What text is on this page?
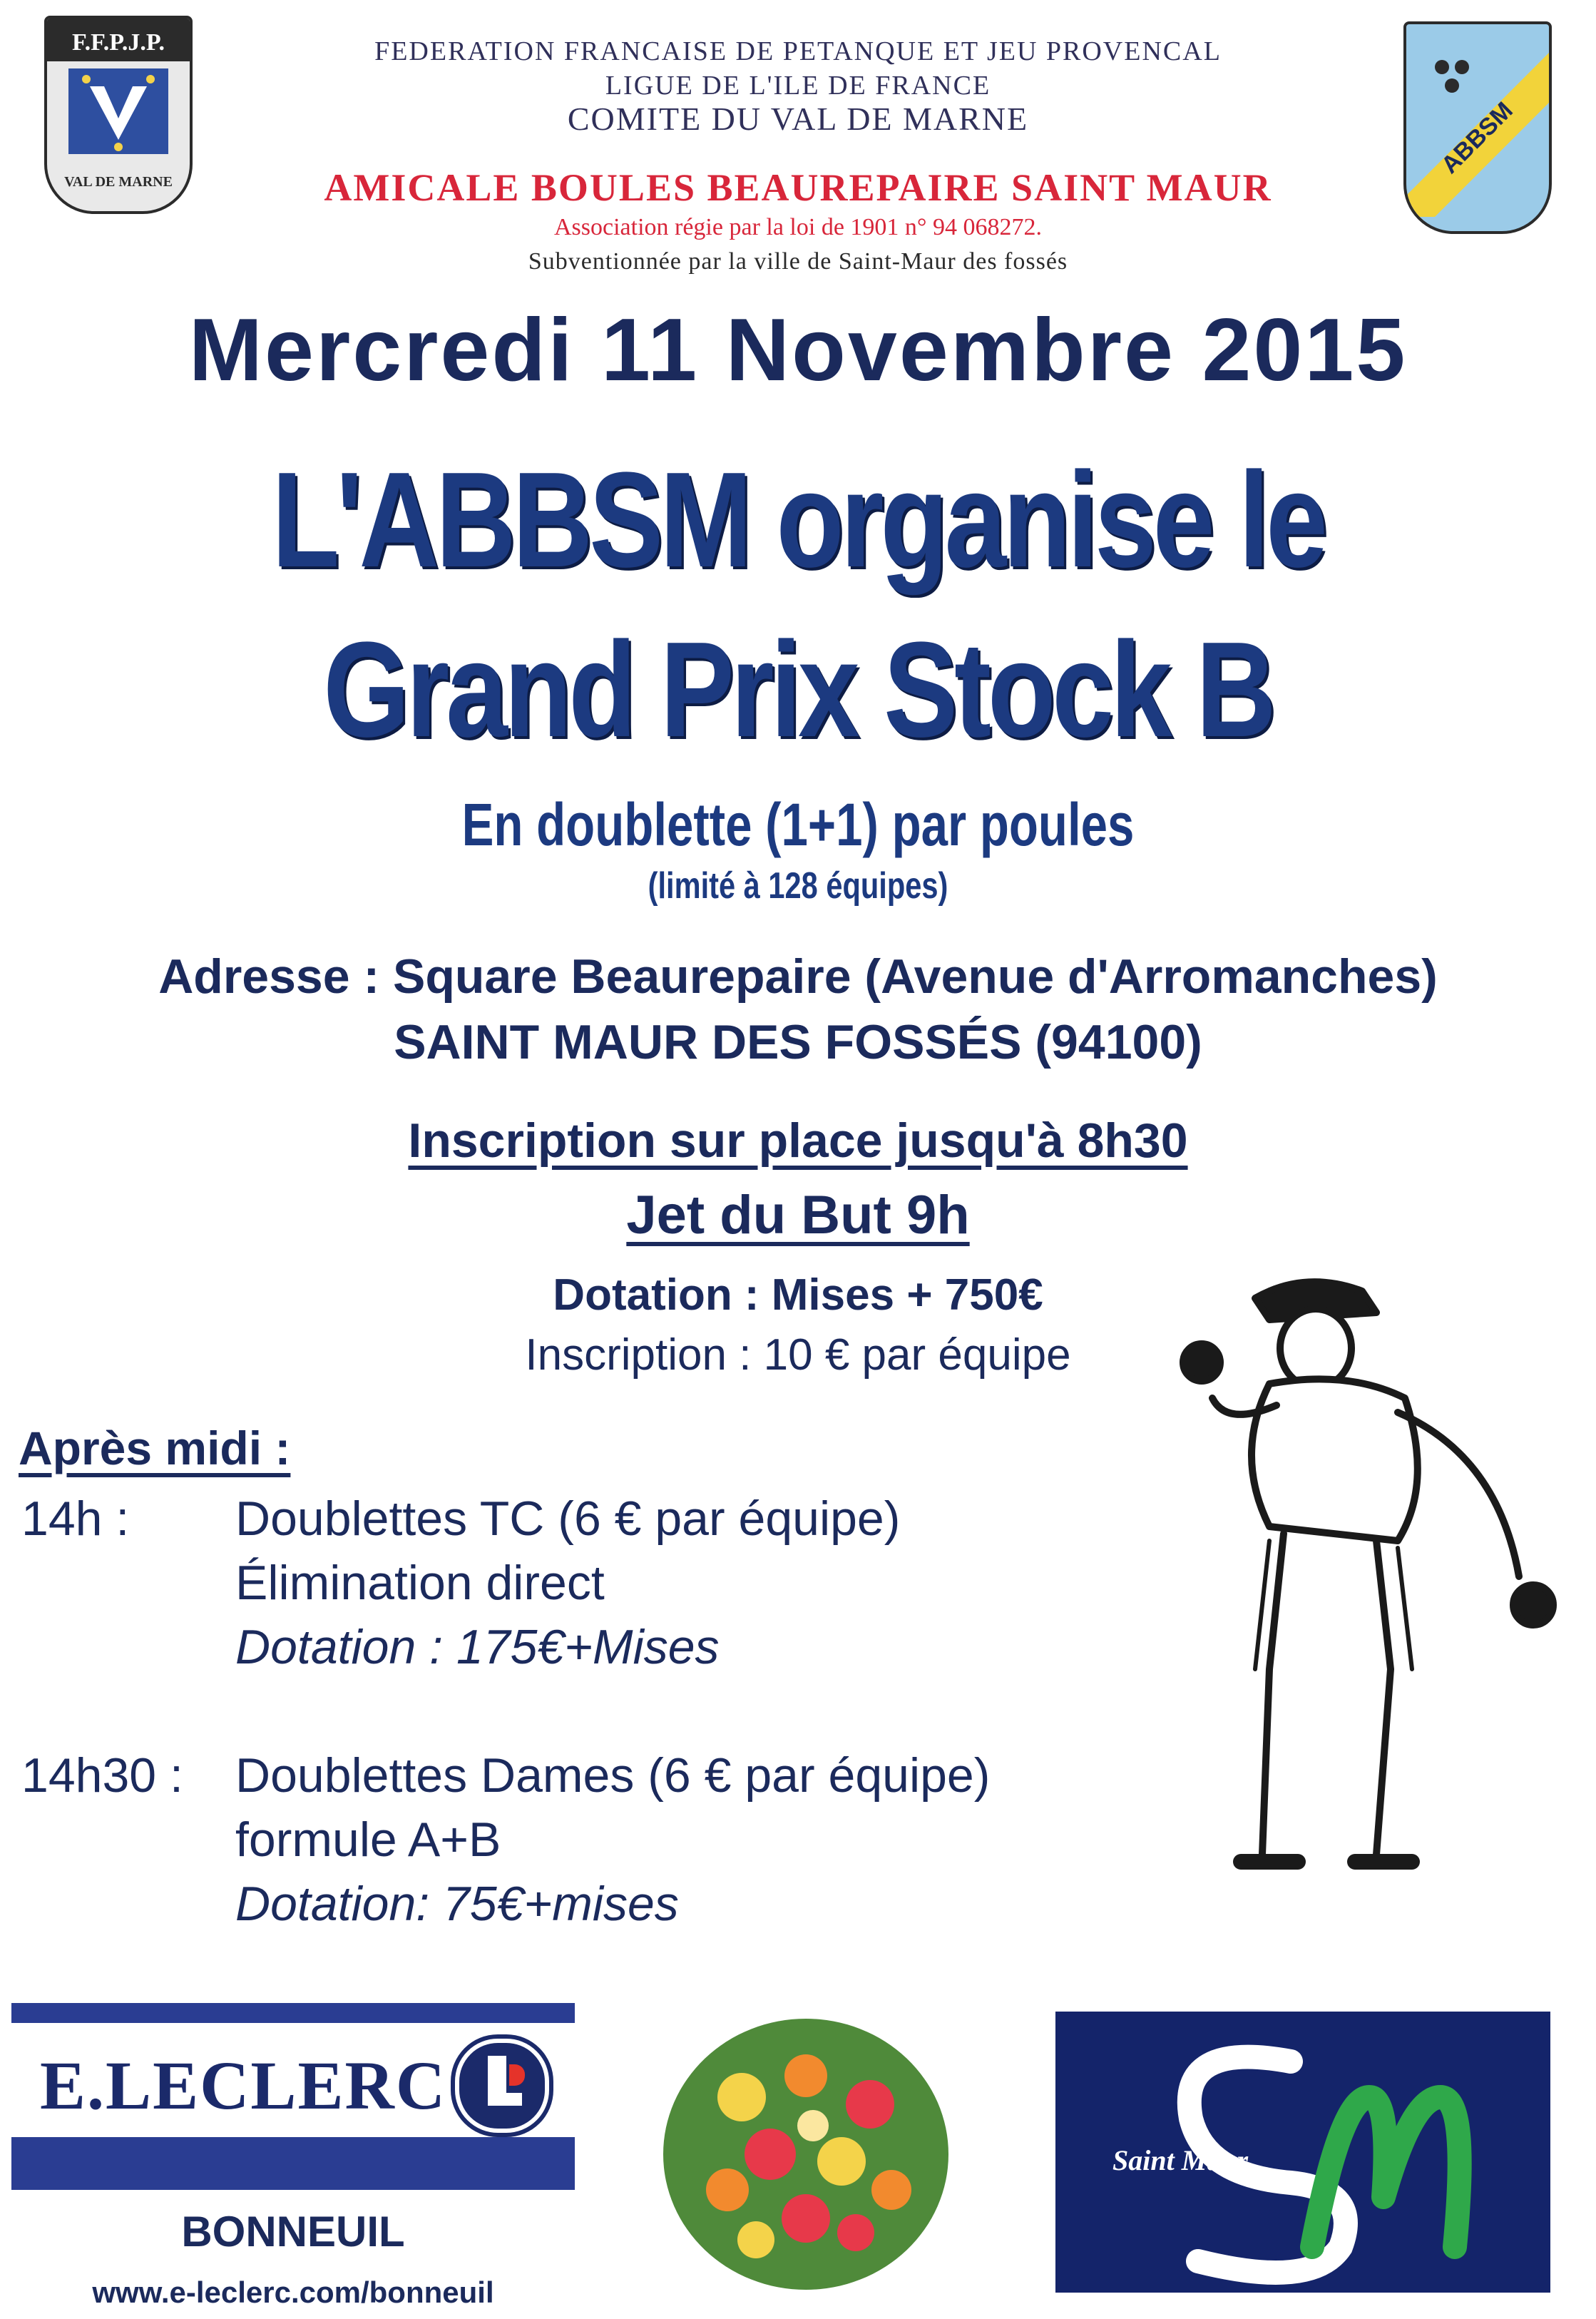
F.F.P.J.P.
VAL DE MARNE
ABBSM
FEDERATION FRANCAISE DE PETANQUE ET JEU PROVENCAL
LIGUE DE L'ILE DE FRANCE
COMITE DU VAL DE MARNE
AMICALE BOULES BEAUREPAIRE SAINT MAUR
Association régie par la loi de 1901 n° 94 068272.
Subventionnée par la ville de Saint-Maur des fossés
Mercredi 11 Novembre 2015
L'ABBSM organise le
Grand Prix Stock B
En doublette (1+1) par poules
(limité à 128 équipes)
Adresse : Square Beaurepaire (Avenue d'Arromanches)
SAINT MAUR DES FOSSÉS (94100)
Inscription sur place jusqu'à 8h30
Jet du But 9h
Dotation : Mises + 750€
Inscription : 10 € par équipe
Après midi :
14h : Doublettes TC (6 € par équipe)
Élimination direct
Dotation : 175€+Mises
14h30 : Doublettes Dames (6 € par équipe)
formule A+B
Dotation: 75€+mises
E.LECLERC
BONNEUIL
www.e-leclerc.com/bonneuil
Saint Maur
